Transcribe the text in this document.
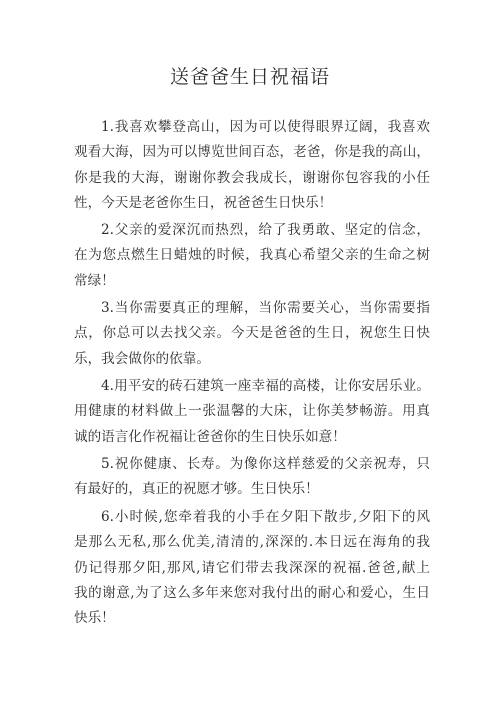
送爸爸生日祝福语

1.我喜欢攀登高山，因为可以使得眼界辽阔，我喜欢
观看大海，因为可以博览世间百态，老爸，你是我的高山，
你是我的大海，谢谢你教会我成长，谢谢你包容我的小任
性，今天是老爸你生日，祝爸爸生日快乐！

2.父亲的爱深沉而热烈，给了我勇敢、坚定的信念，
在为您点燃生日蜡烛的时候，我真心希望父亲的生命之树
常绿！

3.当你需要真正的理解，当你需要关心，当你需要指
点，你总可以去找父亲。今天是爸爸的生日，祝您生日快
乐，我会做你的依靠。

4.用平安的砖石建筑一座幸福的高楼，让你安居乐业。
用健康的材料做上一张温馨的大床，让你美梦畅游。用真
诚的语言化作祝福让爸爸你的生日快乐如意！

5.祝你健康、长寿。为像你这样慈爱的父亲祝寿，只
有最好的，真正的祝愿才够。生日快乐！

6.小时候,您牵着我的小手在夕阳下散步,夕阳下的风
是那么无私,那么优美,清清的,深深的.本日远在海角的我
仍记得那夕阳,那风,请它们带去我深深的祝福.爸爸,献上
我的谢意,为了这么多年来您对我付出的耐心和爱心，生日
快乐！
